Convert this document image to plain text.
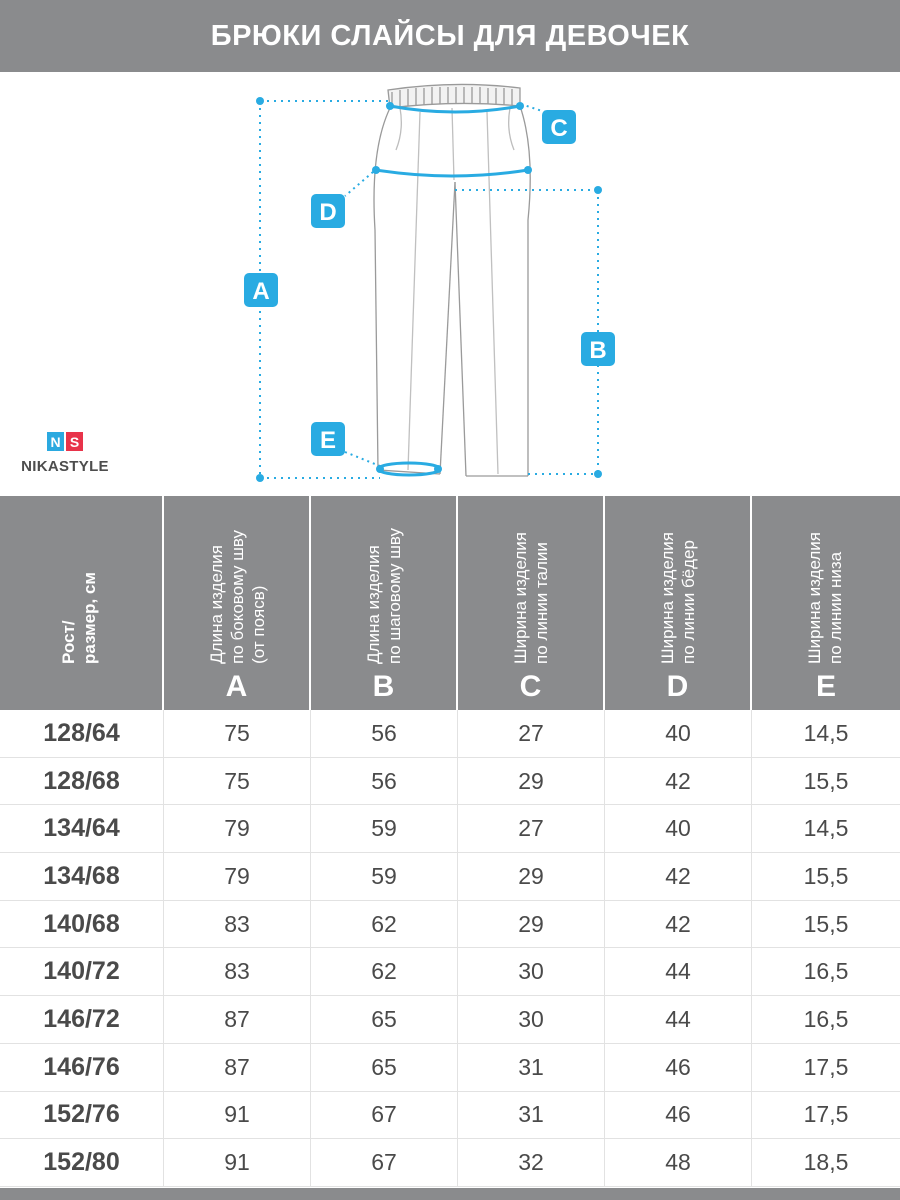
БРЮКИ СЛАЙСЫ ДЛЯ ДЕВОЧЕК
A
B
C
D
E
N S
NIKASTYLE
Рост/
размер, см
Длина изделия
по боковому шву
(от поясв)
A
Длина изделия
по шаговому шву
B
Ширина изделия
по линии талии
C
Ширина изделия
по линии бёдер
D
Ширина изделия
по линии низа
E
128/64	75	56	27	40	14,5
128/68	75	56	29	42	15,5
134/64	79	59	27	40	14,5
134/68	79	59	29	42	15,5
140/68	83	62	29	42	15,5
140/72	83	62	30	44	16,5
146/72	87	65	30	44	16,5
146/76	87	65	31	46	17,5
152/76	91	67	31	46	17,5
152/80	91	67	32	48	18,5
